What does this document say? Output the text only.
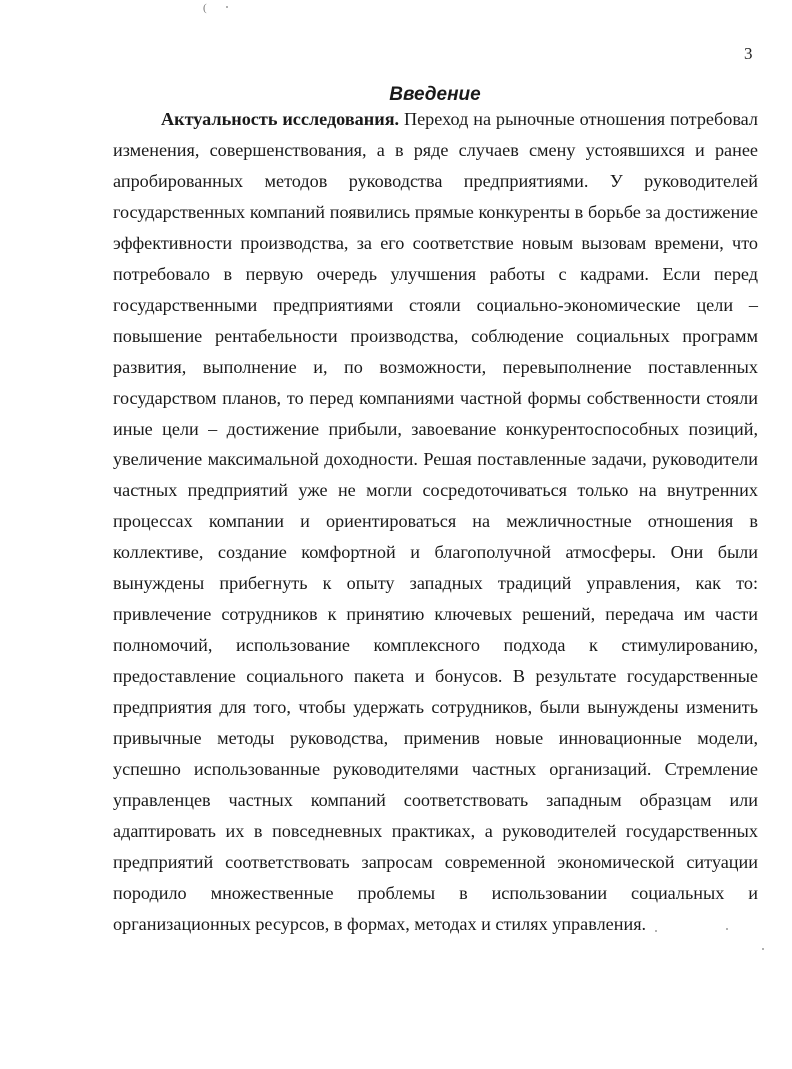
(
3
Введение

Актуальность исследования. Переход на рыночные отношения потребовал изменения, совершенствования, а в ряде случаев смену устоявшихся и ранее апробированных методов руководства предприятиями. У руководителей государственных компаний появились прямые конкуренты в борьбе за достижение эффективности производства, за его соответствие новым вызовам времени, что потребовало в первую очередь улучшения работы с кадрами. Если перед государственными предприятиями стояли социально-экономические цели – повышение рентабельности производства, соблюдение социальных программ развития, выполнение и, по возможности, перевыполнение поставленных государством планов, то перед компаниями частной формы собственности стояли иные цели – достижение прибыли, завоевание конкурентоспособных позиций, увеличение максимальной доходности. Решая поставленные задачи, руководители частных предприятий уже не могли сосредоточиваться только на внутренних процессах компании и ориентироваться на межличностные отношения в коллективе, создание комфортной и благополучной атмосферы. Они были вынуждены прибегнуть к опыту западных традиций управления, как то: привлечение сотрудников к принятию ключевых решений, передача им части полномочий, использование комплексного подхода к стимулированию, предоставление социального пакета и бонусов. В результате государственные предприятия для того, чтобы удержать сотрудников, были вынуждены изменить привычные методы руководства, применив новые инновационные модели, успешно использованные руководителями частных организаций. Стремление управленцев частных компаний соответствовать западным образцам или адаптировать их в повседневных практиках, а руководителей государственных предприятий соответствовать запросам современной экономической ситуации породило множественные проблемы в использовании социальных и организационных ресурсов, в формах, методах и стилях управления.
